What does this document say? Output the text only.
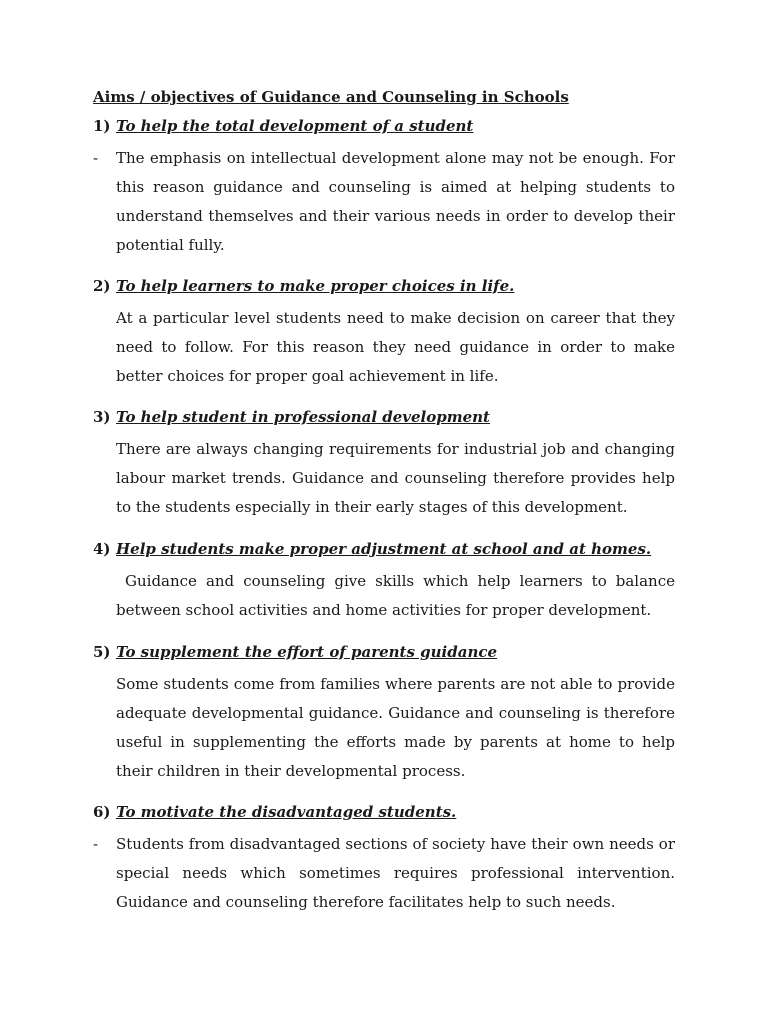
Aims / objectives of Guidance and Counseling in Schools
1) To help the total development of a student
- The emphasis on intellectual development alone may not be enough. For this reason guidance and counseling is aimed at helping students to understand themselves and their various needs in order to develop their potential fully.
2) To help learners to make proper choices in life.
At a particular level students need to make decision on career that they need to follow. For this reason they need guidance in order to make better choices for proper goal achievement in life.
3) To help student in professional development
There are always changing requirements for industrial job and changing labour market trends. Guidance and counseling therefore provides help to the students especially in their early stages of this development.
4) Help students make proper adjustment at school and at homes.
Guidance and counseling give skills which help learners to balance between school activities and home activities for proper development.
5) To supplement the effort of parents guidance
Some students come from families where parents are not able to provide adequate developmental guidance. Guidance and counseling is therefore useful in supplementing the efforts made by parents at home to help their children in their developmental process.
6) To motivate the disadvantaged students.
- Students from disadvantaged sections of society have their own needs or special needs which sometimes requires professional intervention. Guidance and counseling therefore facilitates help to such needs.
